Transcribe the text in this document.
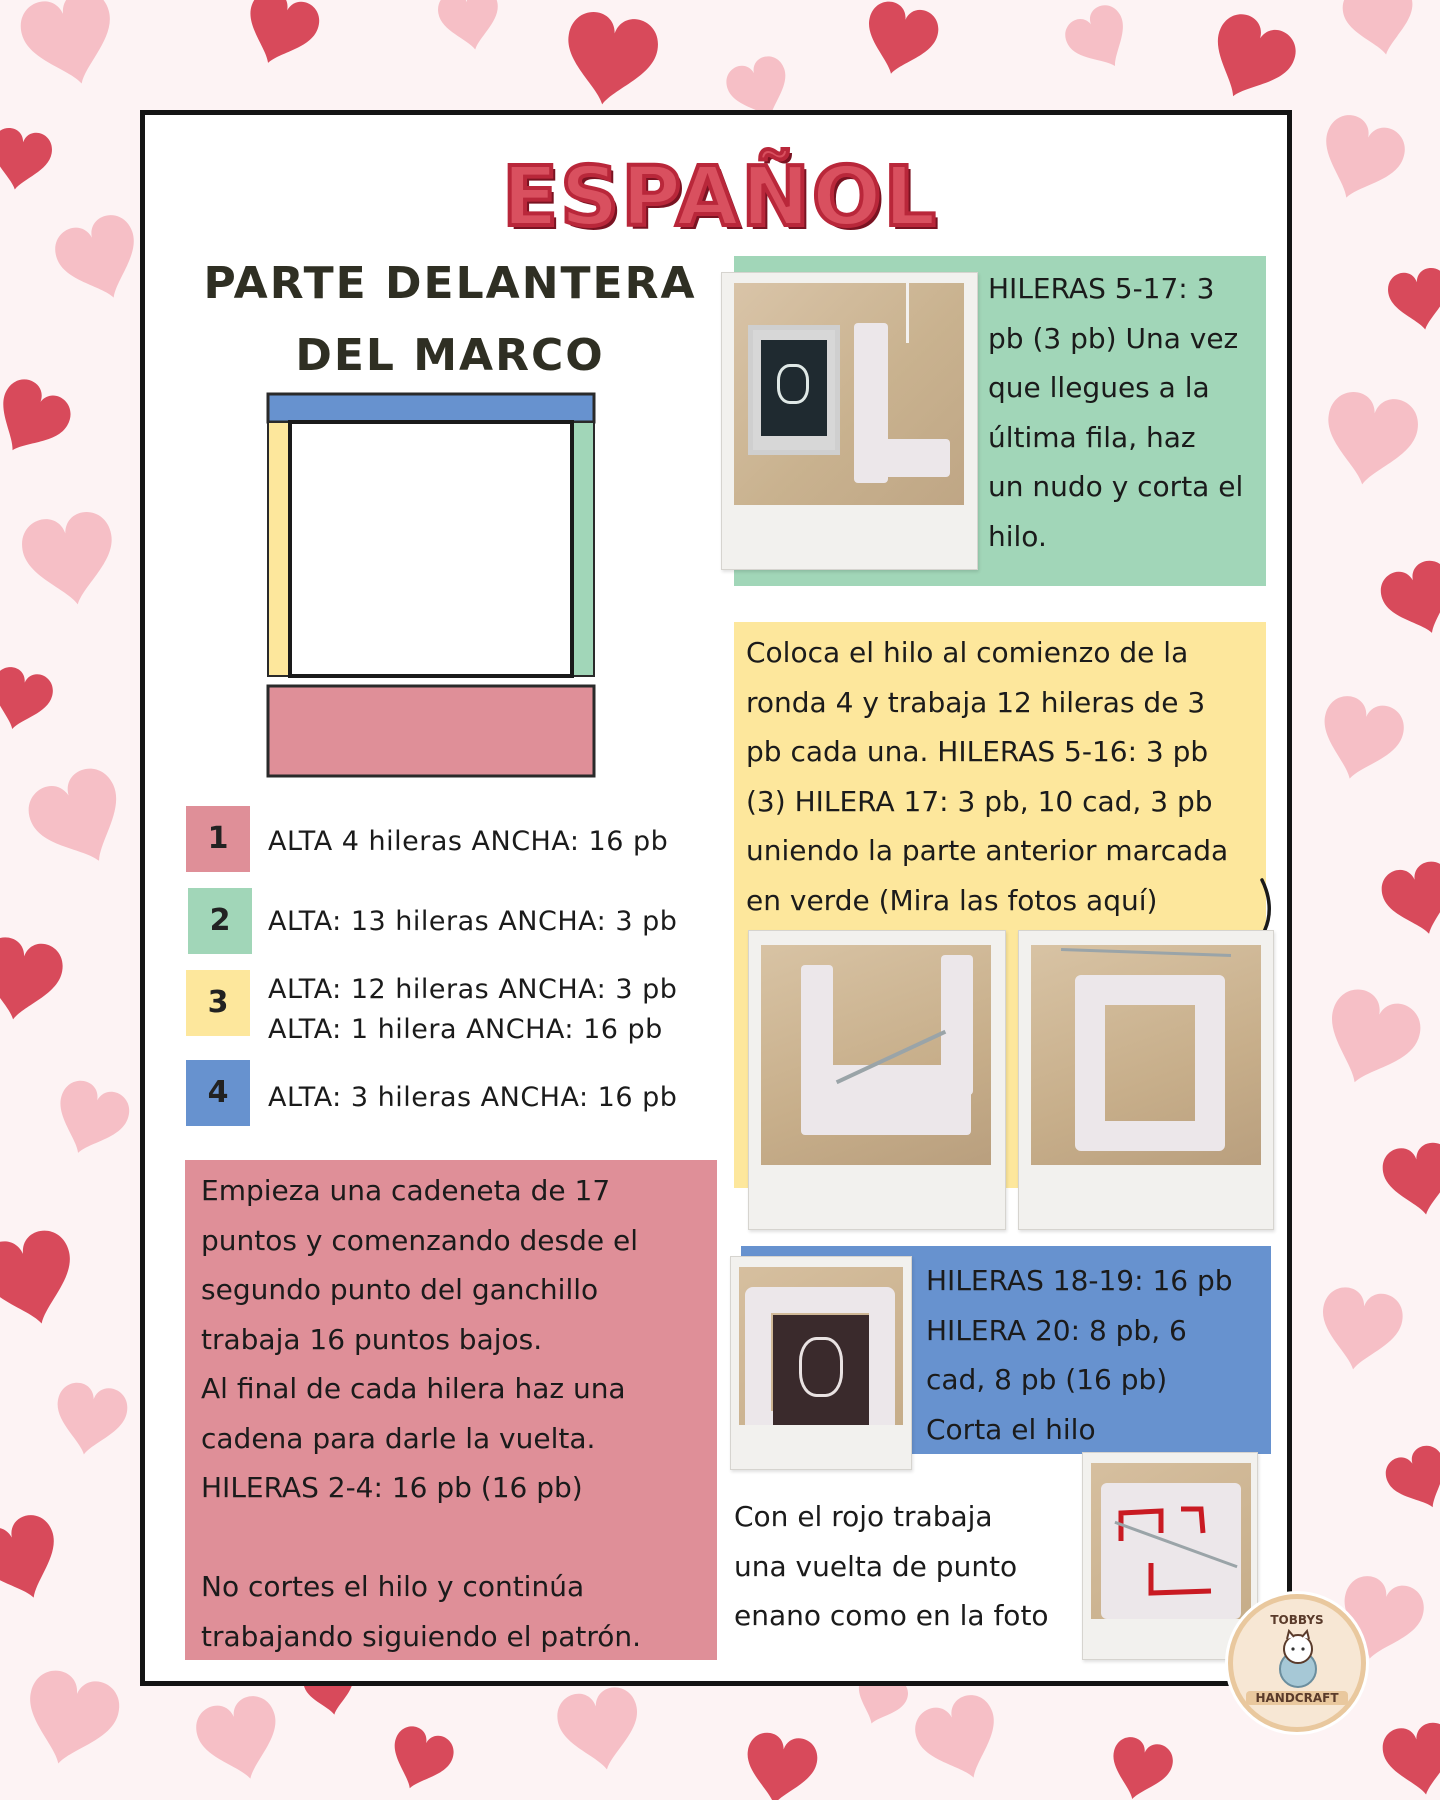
ESPAÑOL
PARTE DELANTERA
DEL MARCO
1	ALTA 4 hileras ANCHA: 16 pb
2	ALTA: 13 hileras ANCHA: 3 pb
3	ALTA: 12 hileras ANCHA: 3 pb
ALTA: 1 hilera ANCHA: 16 pb
4	ALTA: 3 hileras ANCHA: 16 pb
Empieza una cadeneta de 17
puntos y comenzando desde el
segundo punto del ganchillo
trabaja 16 puntos bajos.
Al final de cada hilera haz una
cadena para darle la vuelta.
HILERAS 2-4: 16 pb (16 pb)
No cortes el hilo y continúa
trabajando siguiendo el patrón.
HILERAS 5-17: 3
pb (3 pb) Una vez
que llegues a la
última fila, haz
un nudo y corta el
hilo.
Coloca el hilo al comienzo de la
ronda 4 y trabaja 12 hileras de 3
pb cada una. HILERAS 5-16: 3 pb
(3) HILERA 17: 3 pb, 10 cad, 3 pb
uniendo la parte anterior marcada
en verde (Mira las fotos aquí)
HILERAS 18-19: 16 pb
HILERA 20: 8 pb, 6
cad, 8 pb (16 pb)
Corta el hilo
Con el rojo trabaja
una vuelta de punto
enano como en la foto	TOBBYS
HANDCRAFT
